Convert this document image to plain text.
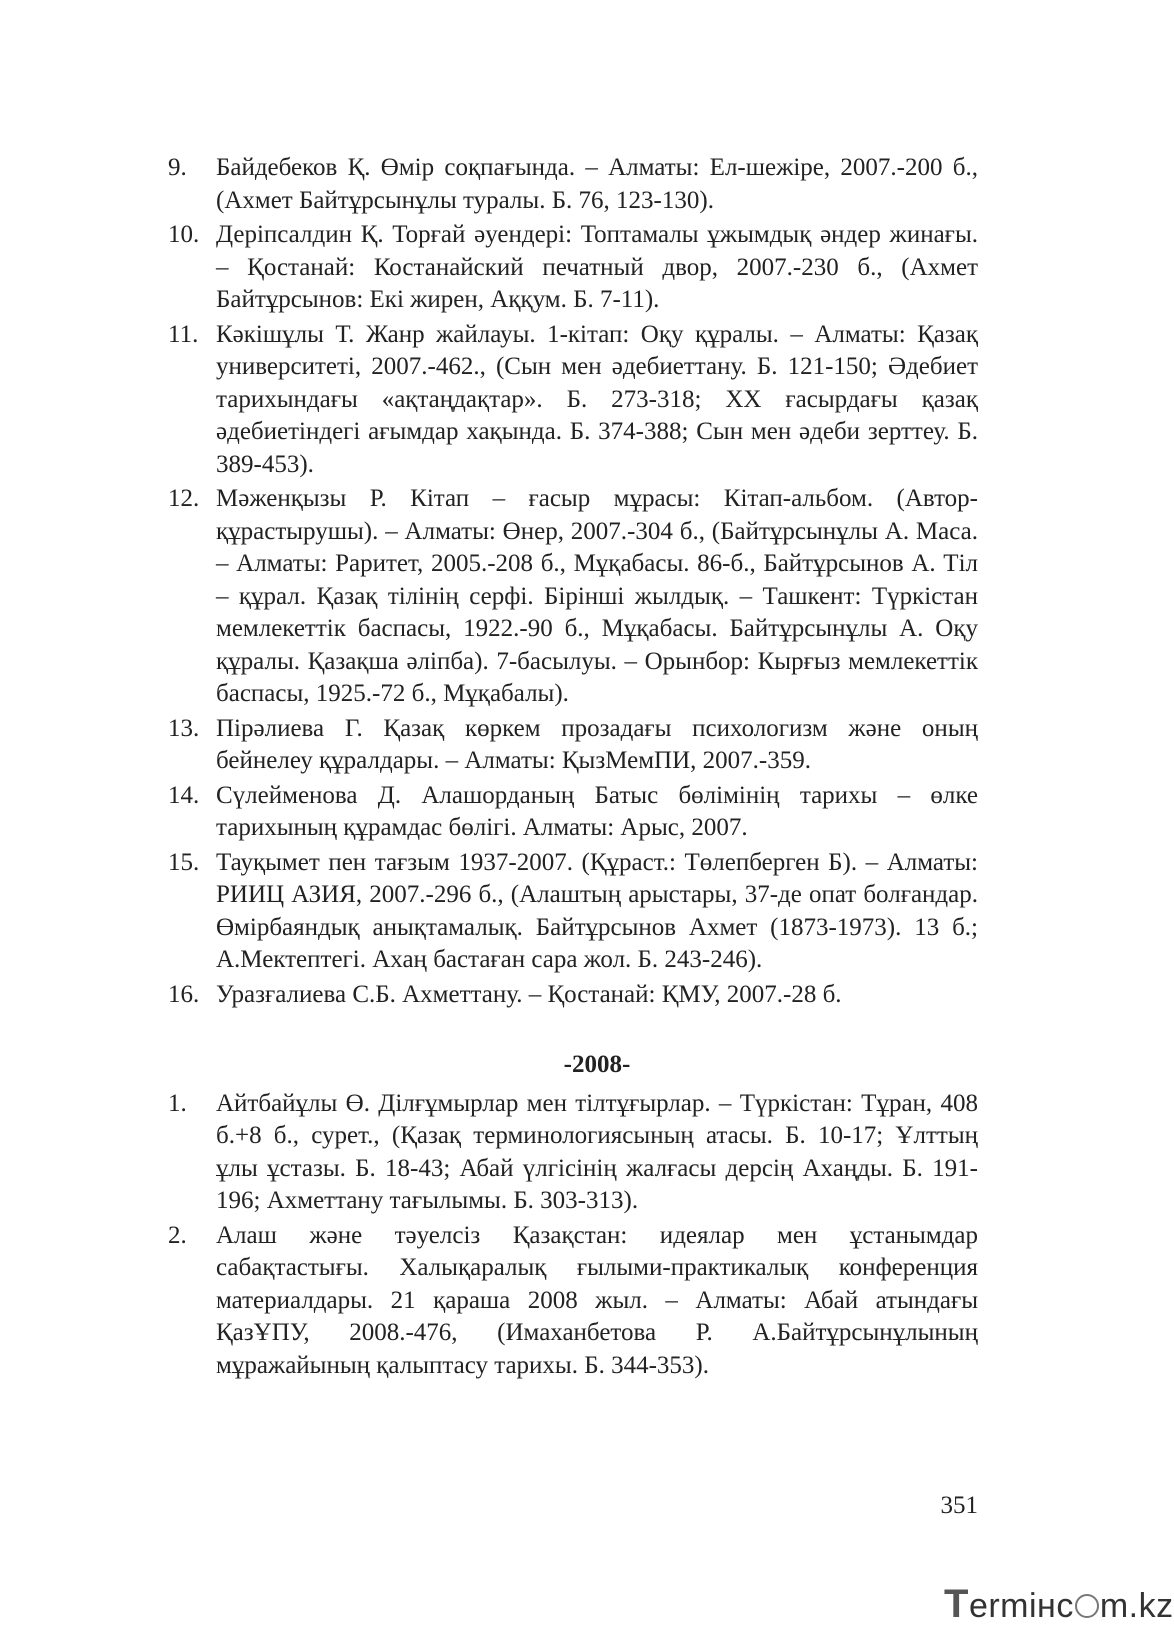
9. Байдебеков Қ. Өмір соқпағында. – Алматы: Ел-шежіре, 2007.-200 б., (Ахмет Байтұрсынұлы туралы. Б. 76, 123-130).
10. Деріпсалдин Қ. Торғай әуендері: Топтамалы ұжымдық әндер жинағы. – Қостанай: Костанайский печатный двор, 2007.-230 б., (Ахмет Байтұрсынов: Екі жирен, Аққум. Б. 7-11).
11. Кәкішұлы Т. Жанр жайлауы. 1-кітап: Оқу құралы. – Алматы: Қазақ университеті, 2007.-462., (Сын мен әдебиеттану. Б. 121-150; Әдебиет тарихындағы «ақтаңдақтар». Б. 273-318; ХХ ғасырдағы қазақ әдебиетіндегі ағымдар хақында. Б. 374-388; Сын мен әдеби зерттеу. Б. 389-453).
12. Мәженқызы Р. Кітап – ғасыр мұрасы: Кітап-альбом. (Автор-құрастырушы). – Алматы: Өнер, 2007.-304 б., (Байтұрсынұлы А. Маса. – Алматы: Раритет, 2005.-208 б., Мұқабасы. 86-б., Байтұрсынов А. Тіл – құрал. Қазақ тілінің серфі. Бірінші жылдық. – Ташкент: Түркістан мемлекеттік баспасы, 1922.-90 б., Мұқабасы. Байтұрсынұлы А. Оқу құралы. Қазақша әліпба). 7-басылуы. – Орынбор: Кырғыз мемлекеттік баспасы, 1925.-72 б., Мұқабалы).
13. Пірәлиева Г. Қазақ көркем прозадағы психологизм және оның бейнелеу құралдары. – Алматы: ҚызМемПИ, 2007.-359.
14. Сүлейменова Д. Алашорданың Батыс бөлімінің тарихы – өлке тарихының құрамдас бөлігі. Алматы: Арыс, 2007.
15. Тауқымет пен тағзым 1937-2007. (Құраст.: Төлепберген Б). – Алматы: РИИЦ АЗИЯ, 2007.-296 б., (Алаштың арыстары, 37-де опат болғандар. Өмірбаяндық анықтамалық. Байтұрсынов Ахмет (1873-1973). 13 б.; А.Мектептегі. Ахаң бастаған сара жол. Б. 243-246).
16. Уразғалиева С.Б. Ахметтану. – Қостанай: ҚМУ, 2007.-28 б.
-2008-
1. Айтбайұлы Ө. Ділғұмырлар мен тілтұғырлар. – Түркістан: Тұран, 408 б.+8 б., сурет., (Қазақ терминологиясының атасы. Б. 10-17; Ұлттың ұлы ұстазы. Б. 18-43; Абай үлгісінің жалғасы дерсің Ахаңды. Б. 191-196; Ахметтану тағылымы. Б. 303-313).
2. Алаш және тәуелсіз Қазақстан: идеялар мен ұстанымдар сабақтастығы. Халықаралық ғылыми-практикалық конференция материалдары. 21 қараша 2008 жыл. – Алматы: Абай атындағы ҚазҰПУ, 2008.-476, (Имаханбетова Р. А.Байтұрсынұлының мұражайының қалыптасу тарихы. Б. 344-353).
351
T ermінс m.kz
